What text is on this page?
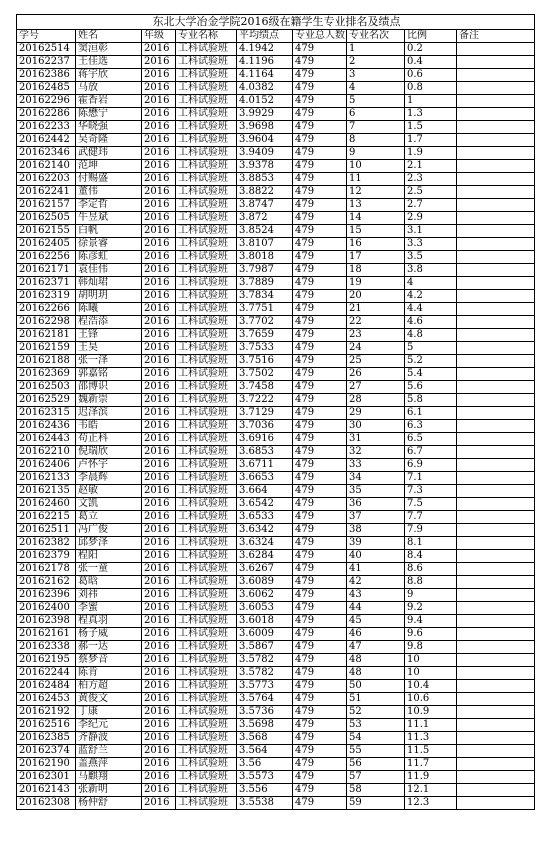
东北大学冶金学院2016级在籍学生专业排名及绩点								
学号	姓名	年级	专业名称	平均绩点	专业总人数	专业名次	比例	备注
20162514	窦洹彰	2016	工科试验班	4.1942	479	1	0.2	
20162237	王佳选	2016	工科试验班	4.1196	479	2	0.4	
20162386	蒋宇欣	2016	工科试验班	4.1164	479	3	0.6	
20162485	马放	2016	工科试验班	4.0382	479	4	0.8	
20162296	霍香岩	2016	工科试验班	4.0152	479	5	1	
20162286	陈懋宁	2016	工科试验班	3.9929	479	6	1.3	
20162233	华晓强	2016	工科试验班	3.9698	479	7	1.5	
20162442	吴奇隆	2016	工科试验班	3.9604	479	8	1.7	
20162346	武健玮	2016	工科试验班	3.9409	479	9	1.9	
20162140	范坤	2016	工科试验班	3.9378	479	10	2.1	
20162203	付赐盛	2016	工科试验班	3.8853	479	11	2.3	
20162241	董伟	2016	工科试验班	3.8822	479	12	2.5	
20162157	李定哲	2016	工科试验班	3.8747	479	13	2.7	
20162505	牛昱斌	2016	工科试验班	3.872	479	14	2.9	
20162155	白帆	2016	工科试验班	3.8524	479	15	3.1	
20162405	徐景睿	2016	工科试验班	3.8107	479	16	3.3	
20162256	陈彦虹	2016	工科试验班	3.8018	479	17	3.5	
20162171	袁佳伟	2016	工科试验班	3.7987	479	18	3.8	
20162371	韩灿珺	2016	工科试验班	3.7889	479	19	4	
20162319	胡明玥	2016	工科试验班	3.7834	479	20	4.2	
20162266	陈曦	2016	工科试验班	3.7751	479	21	4.4	
20162298	程浩添	2016	工科试验班	3.7702	479	22	4.6	
20162181	王锋	2016	工科试验班	3.7659	479	23	4.8	
20162159	王昊	2016	工科试验班	3.7533	479	24	5	
20162188	张一泽	2016	工科试验班	3.7516	479	25	5.2	
20162369	郭嘉铭	2016	工科试验班	3.7502	479	26	5.4	
20162503	邵博识	2016	工科试验班	3.7458	479	27	5.6	
20162529	魏新崇	2016	工科试验班	3.7222	479	28	5.8	
20162315	迟泽滨	2016	工科试验班	3.7129	479	29	6.1	
20162436	韦皓	2016	工科试验班	3.7036	479	30	6.3	
20162443	苟正科	2016	工科试验班	3.6916	479	31	6.5	
20162210	倪瑞欣	2016	工科试验班	3.6853	479	32	6.7	
20162406	卢怀宇	2016	工科试验班	3.6711	479	33	6.9	
20162133	李晨辉	2016	工科试验班	3.6653	479	34	7.1	
20162135	赵敏	2016	工科试验班	3.664	479	35	7.3	
20162460	文凯	2016	工科试验班	3.6542	479	36	7.5	
20162215	葛立	2016	工科试验班	3.6533	479	37	7.7	
20162511	冯广俊	2016	工科试验班	3.6342	479	38	7.9	
20162382	邱梦泽	2016	工科试验班	3.6324	479	39	8.1	
20162379	程阳	2016	工科试验班	3.6284	479	40	8.4	
20162178	张一童	2016	工科试验班	3.6267	479	41	8.6	
20162162	葛晗	2016	工科试验班	3.6089	479	42	8.8	
20162396	刘祎	2016	工科试验班	3.6062	479	43	9	
20162400	李蜜	2016	工科试验班	3.6053	479	44	9.2	
20162398	程真羽	2016	工科试验班	3.6018	479	45	9.4	
20162161	杨子威	2016	工科试验班	3.6009	479	46	9.6	
20162338	郝一达	2016	工科试验班	3.5867	479	47	9.8	
20162195	蔡梦音	2016	工科试验班	3.5782	479	48	10	
20162244	陈肯	2016	工科试验班	3.5782	479	48	10	
20162484	柏方超	2016	工科试验班	3.5773	479	50	10.4	
20162453	黄俊文	2016	工科试验班	3.5764	479	51	10.6	
20162192	丁康	2016	工科试验班	3.5736	479	52	10.9	
20162516	李纪元	2016	工科试验班	3.5698	479	53	11.1	
20162385	齐静波	2016	工科试验班	3.568	479	54	11.3	
20162374	蓝舒兰	2016	工科试验班	3.564	479	55	11.5	
20162190	盖燕萍	2016	工科试验班	3.56	479	56	11.7	
20162301	马麒翔	2016	工科试验班	3.5573	479	57	11.9	
20162143	张新明	2016	工科试验班	3.556	479	58	12.1	
20162308	杨仲舒	2016	工科试验班	3.5538	479	59	12.3	
